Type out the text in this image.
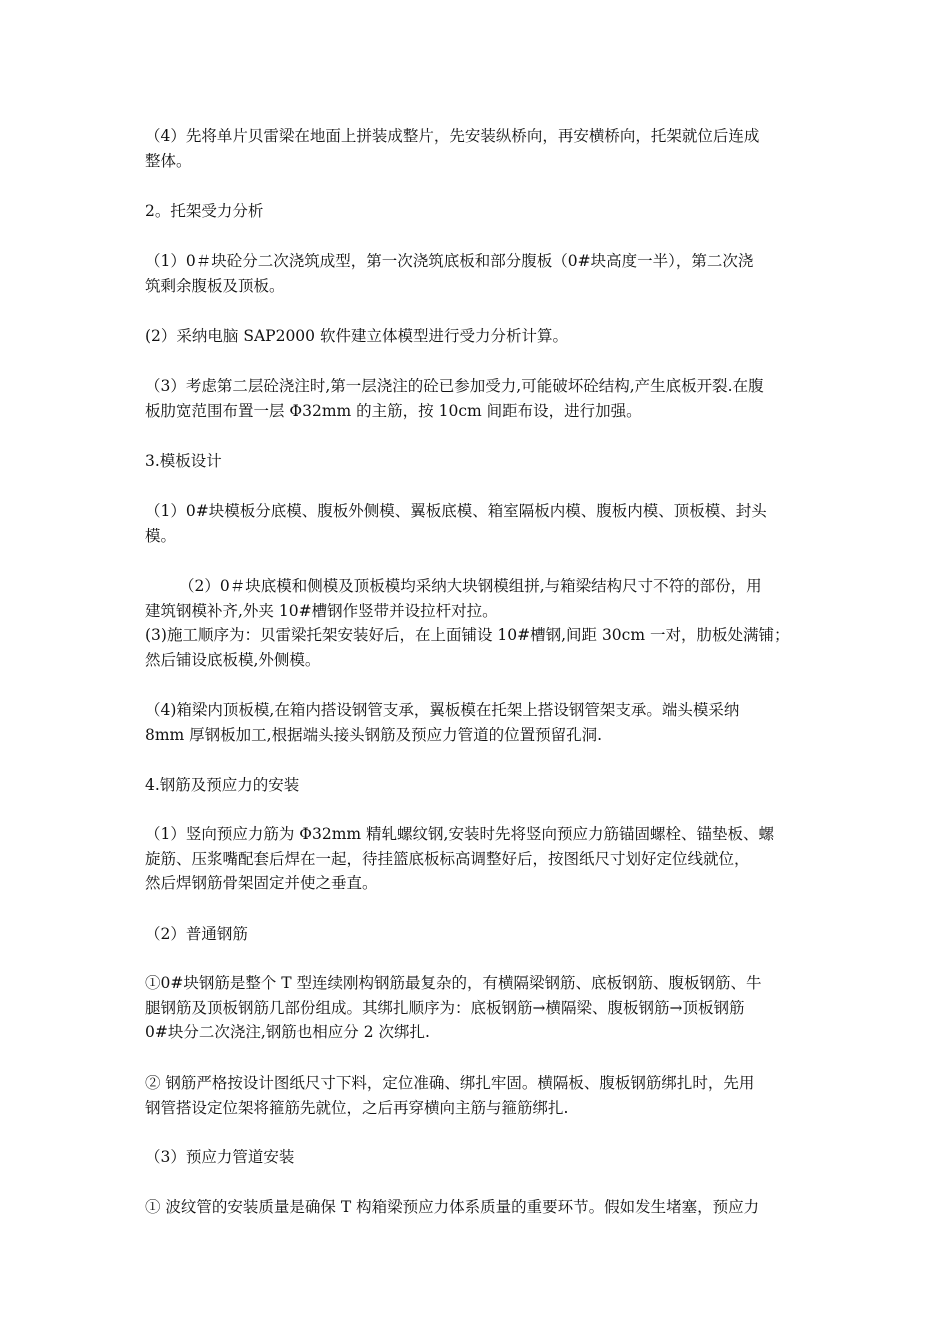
（4）先将单片贝雷梁在地面上拼装成整片，先安装纵桥向，再安横桥向，托架就位后连成
整体。

2。托架受力分析

（1）0＃块砼分二次浇筑成型，第一次浇筑底板和部分腹板（0#块高度一半），第二次浇
筑剩余腹板及顶板。

(2）采纳电脑 SAP2000 软件建立体模型进行受力分析计算。

（3）考虑第二层砼浇注时,第一层浇注的砼已参加受力,可能破坏砼结构,产生底板开裂.在腹
板肋宽范围布置一层 Φ32mm 的主筋，按 10cm 间距布设，进行加强。

3.模板设计

（1）0#块模板分底模、腹板外侧模、翼板底模、箱室隔板内模、腹板内模、顶板模、封头
模。

（2）0＃块底模和侧模及顶板模均采纳大块钢模组拼,与箱梁结构尺寸不符的部份，用
建筑钢模补齐,外夹 10#槽钢作竖带并设拉杆对拉。

(3)施工顺序为：贝雷梁托架安装好后，在上面铺设 10#槽钢,间距 30cm 一对，肋板处满铺；
然后铺设底板模,外侧模。

（4)箱梁内顶板模,在箱内搭设钢管支承，翼板模在托架上搭设钢管架支承。端头模采纳
8mm 厚钢板加工,根据端头接头钢筋及预应力管道的位置预留孔洞.

4.钢筋及预应力的安装

（1）竖向预应力筋为 Φ32mm 精轧螺纹钢,安装时先将竖向预应力筋锚固螺栓、锚垫板、螺
旋筋、压浆嘴配套后焊在一起，待挂篮底板标高调整好后，按图纸尺寸划好定位线就位，
然后焊钢筋骨架固定并使之垂直。

（2）普通钢筋

①0#块钢筋是整个 T 型连续刚构钢筋最复杂的，有横隔梁钢筋、底板钢筋、腹板钢筋、牛
腿钢筋及顶板钢筋几部份组成。其绑扎顺序为：底板钢筋→横隔梁、腹板钢筋→顶板钢筋
0#块分二次浇注,钢筋也相应分 2 次绑扎.

② 钢筋严格按设计图纸尺寸下料，定位准确、绑扎牢固。横隔板、腹板钢筋绑扎时，先用
钢管搭设定位架将箍筋先就位，之后再穿横向主筋与箍筋绑扎.

（3）预应力管道安装

① 波纹管的安装质量是确保 T 构箱梁预应力体系质量的重要环节。假如发生堵塞，预应力
